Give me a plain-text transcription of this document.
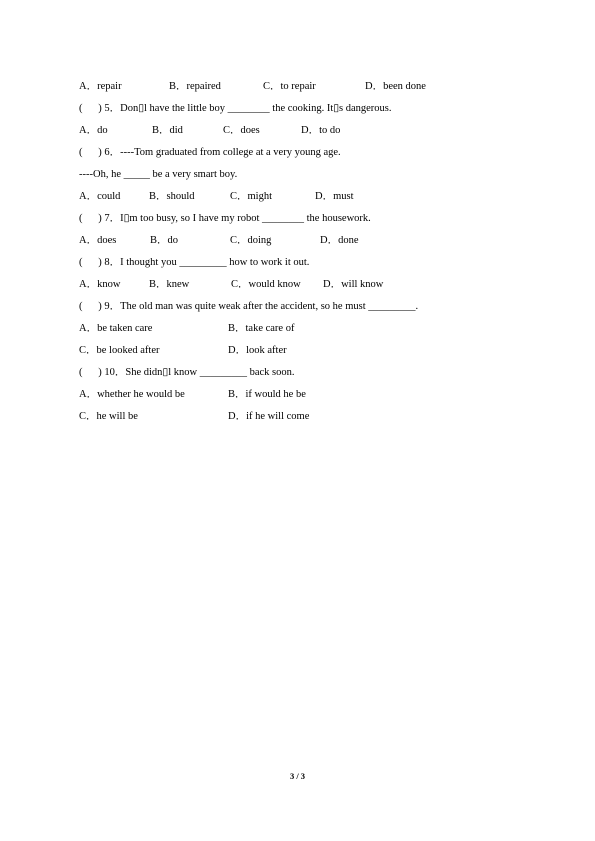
A．repair	B．repaired	C．to repair	D．been done
(      ) 5．Don▯l have the little boy ________ the cooking. It▯s dangerous.
A．do	B．did	C．does	D．to do
(      ) 6．----Tom graduated from college at a very young age.
----Oh, he _____ be a very smart boy.
A．could	B．should	C．might	D．must
(      ) 7．I▯m too busy, so I have my robot ________ the housework.
A．does	B．do	C．doing	D．done
(      ) 8．I thought you _________ how to work it out.
A．know	B．knew	C．would know D．will know
(      ) 9．The old man was quite weak after the accident, so he must _________.
A．be taken care	B．take care of
C．be looked after	D．look after
(      ) 10．She didn▯l know _________ back soon.
A．whether he would be	B．if would he be
C．he will be	D．if he will come
3 / 3
